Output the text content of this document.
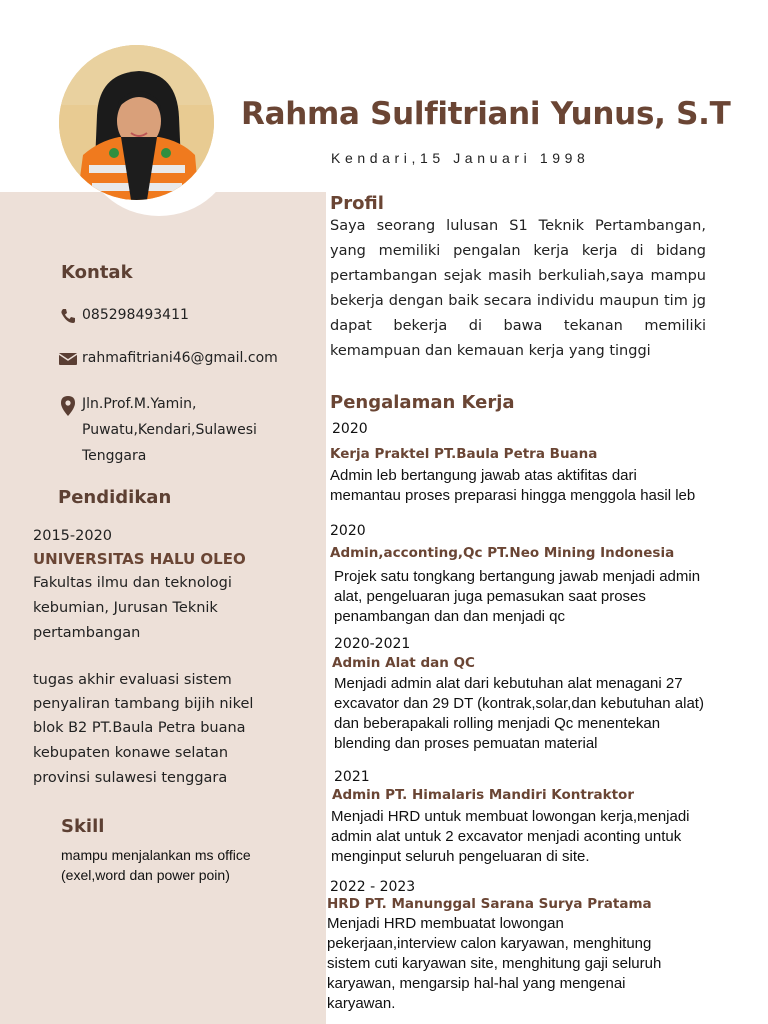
Rahma Sulfitriani Yunus, S.T
Kendari,15 Januari 1998
Kontak
085298493411
rahmafitriani46@gmail.com
Jln.Prof.M.Yamin,
Puwatu,Kendari,Sulawesi
Tenggara
Pendidikan
2015-2020
UNIVERSITAS HALU OLEO
Fakultas ilmu dan teknologi
kebumian, Jurusan Teknik
pertambangan
tugas akhir evaluasi sistem
penyaliran tambang bijih nikel
blok B2 PT.Baula Petra buana
kebupaten konawe selatan
provinsi sulawesi tenggara
Skill
mampu menjalankan ms office (exel,word dan power poin)
Profil
Saya seorang lulusan S1 Teknik Pertambangan, yang memiliki pengalan kerja kerja di bidang pertambangan sejak masih berkuliah,saya mampu bekerja dengan baik secara individu maupun tim jg dapat bekerja di bawa tekanan memiliki kemampuan dan kemauan kerja yang tinggi
Pengalaman Kerja
2020
Kerja Praktel PT.Baula Petra Buana
Admin leb bertangung jawab atas aktifitas dari memantau proses preparasi hingga menggola hasil leb
2020
Admin,acconting,Qc PT.Neo Mining Indonesia
Projek satu tongkang bertangung jawab menjadi admin alat, pengeluaran juga pemasukan saat proses penambangan dan dan menjadi qc
2020-2021
Admin Alat dan QC
Menjadi admin alat dari kebutuhan alat menagani 27 excavator dan 29 DT (kontrak,solar,dan kebutuhan alat) dan beberapakali rolling menjadi Qc menentekan blending dan proses pemuatan material
2021
Admin PT. Himalaris Mandiri Kontraktor
Menjadi HRD untuk membuat lowongan kerja,menjadi admin alat untuk 2 excavator menjadi aconting untuk menginput seluruh pengeluaran di site.
2022 - 2023
HRD PT. Manunggal Sarana Surya Pratama
Menjadi HRD membuatat lowongan pekerjaan,interview calon karyawan, menghitung sistem cuti karyawan site, menghitung gaji seluruh karyawan, mengarsip hal-hal yang mengenai karyawan.
